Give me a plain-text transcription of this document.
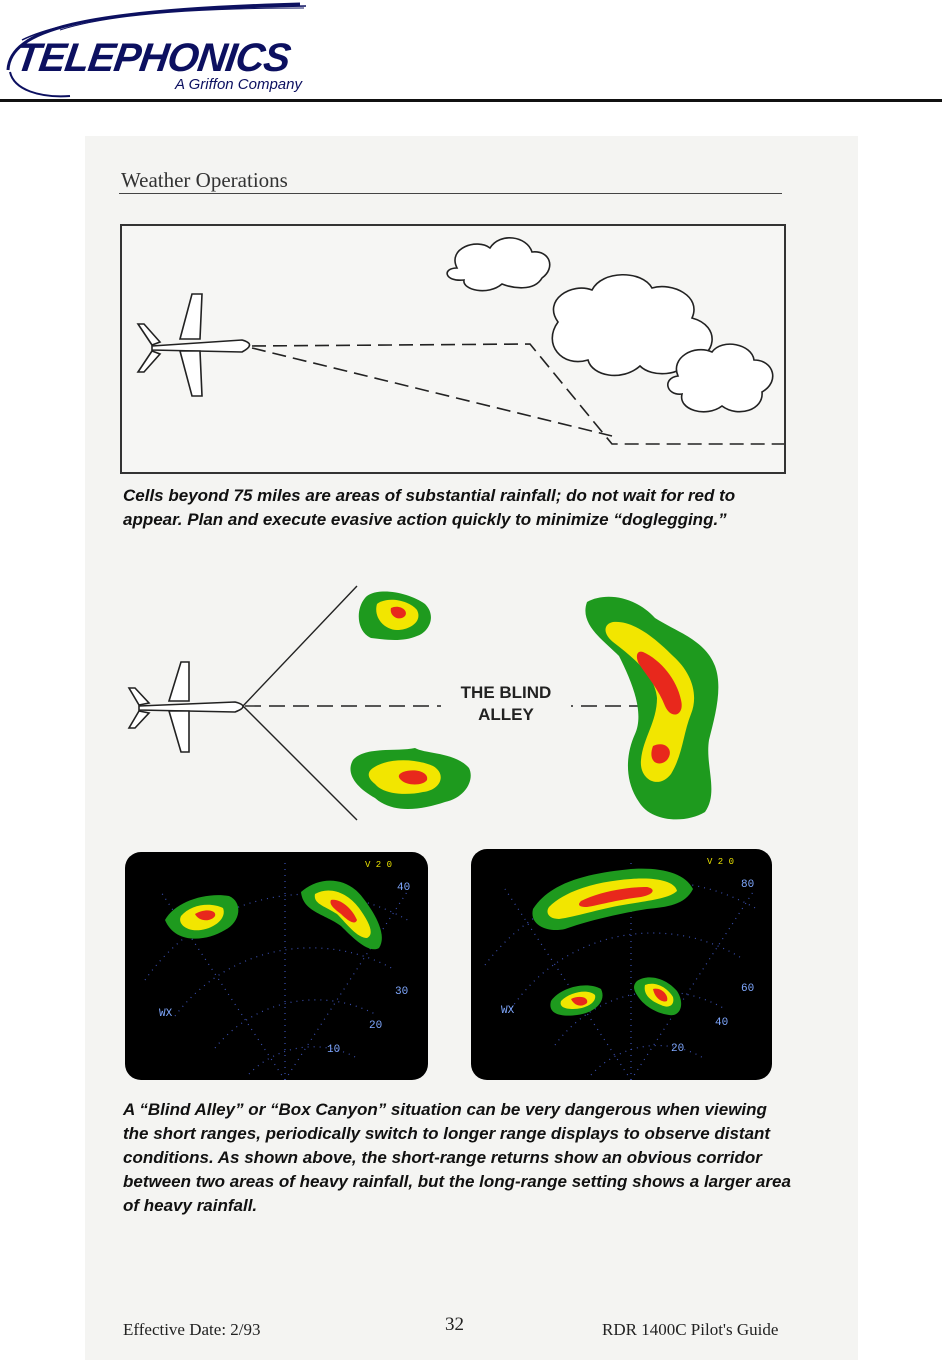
TELEPHONICS
A Griffon Company
Weather Operations
Cells beyond 75 miles are areas of substantial rainfall; do not wait for red to appear. Plan and execute evasive action quickly to minimize “doglegging.”
THE BLIND
ALLEY
V 2 0
WX
40
30
20
10
V 2 0
WX
80
60
40
20
A “Blind Alley” or “Box Canyon” situation can be very dangerous when viewing the short ranges, periodically switch to longer range displays to observe distant conditions. As shown above, the short-range returns show an obvious corridor between two areas of heavy rainfall, but the long-range setting shows a larger area of heavy rainfall.
Effective Date: 2/93	32	RDR 1400C Pilot's Guide
